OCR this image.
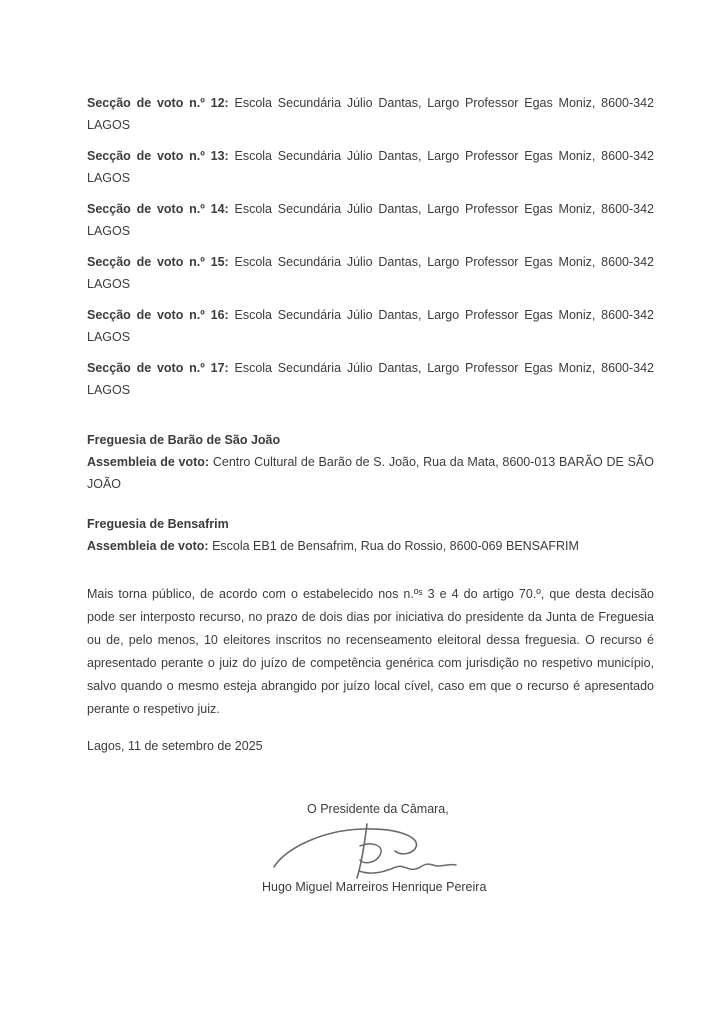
Secção de voto n.º 12: Escola Secundária Júlio Dantas, Largo Professor Egas Moniz, 8600-342 LAGOS

Secção de voto n.º 13: Escola Secundária Júlio Dantas, Largo Professor Egas Moniz, 8600-342 LAGOS

Secção de voto n.º 14: Escola Secundária Júlio Dantas, Largo Professor Egas Moniz, 8600-342 LAGOS

Secção de voto n.º 15: Escola Secundária Júlio Dantas, Largo Professor Egas Moniz, 8600-342 LAGOS

Secção de voto n.º 16: Escola Secundária Júlio Dantas, Largo Professor Egas Moniz, 8600-342 LAGOS

Secção de voto n.º 17: Escola Secundária Júlio Dantas, Largo Professor Egas Moniz, 8600-342 LAGOS

Freguesia de Barão de São João

Assembleia de voto: Centro Cultural de Barão de S. João, Rua da Mata, 8600-013 BARÃO DE SÃO JOÃO

Freguesia de Bensafrim

Assembleia de voto: Escola EB1 de Bensafrim, Rua do Rossio, 8600-069 BENSAFRIM

Mais torna público, de acordo com o estabelecido nos n.ºˢ 3 e 4 do artigo 70.º, que desta decisão pode ser interposto recurso, no prazo de dois dias por iniciativa do presidente da Junta de Freguesia ou de, pelo menos, 10 eleitores inscritos no recenseamento eleitoral dessa freguesia. O recurso é apresentado perante o juiz do juízo de competência genérica com jurisdição no respetivo município, salvo quando o mesmo esteja abrangido por juízo local cível, caso em que o recurso é apresentado perante o respetivo juiz.

Lagos, 11 de setembro de 2025

O Presidente da Câmara,

Hugo Miguel Marreiros Henrique Pereira
